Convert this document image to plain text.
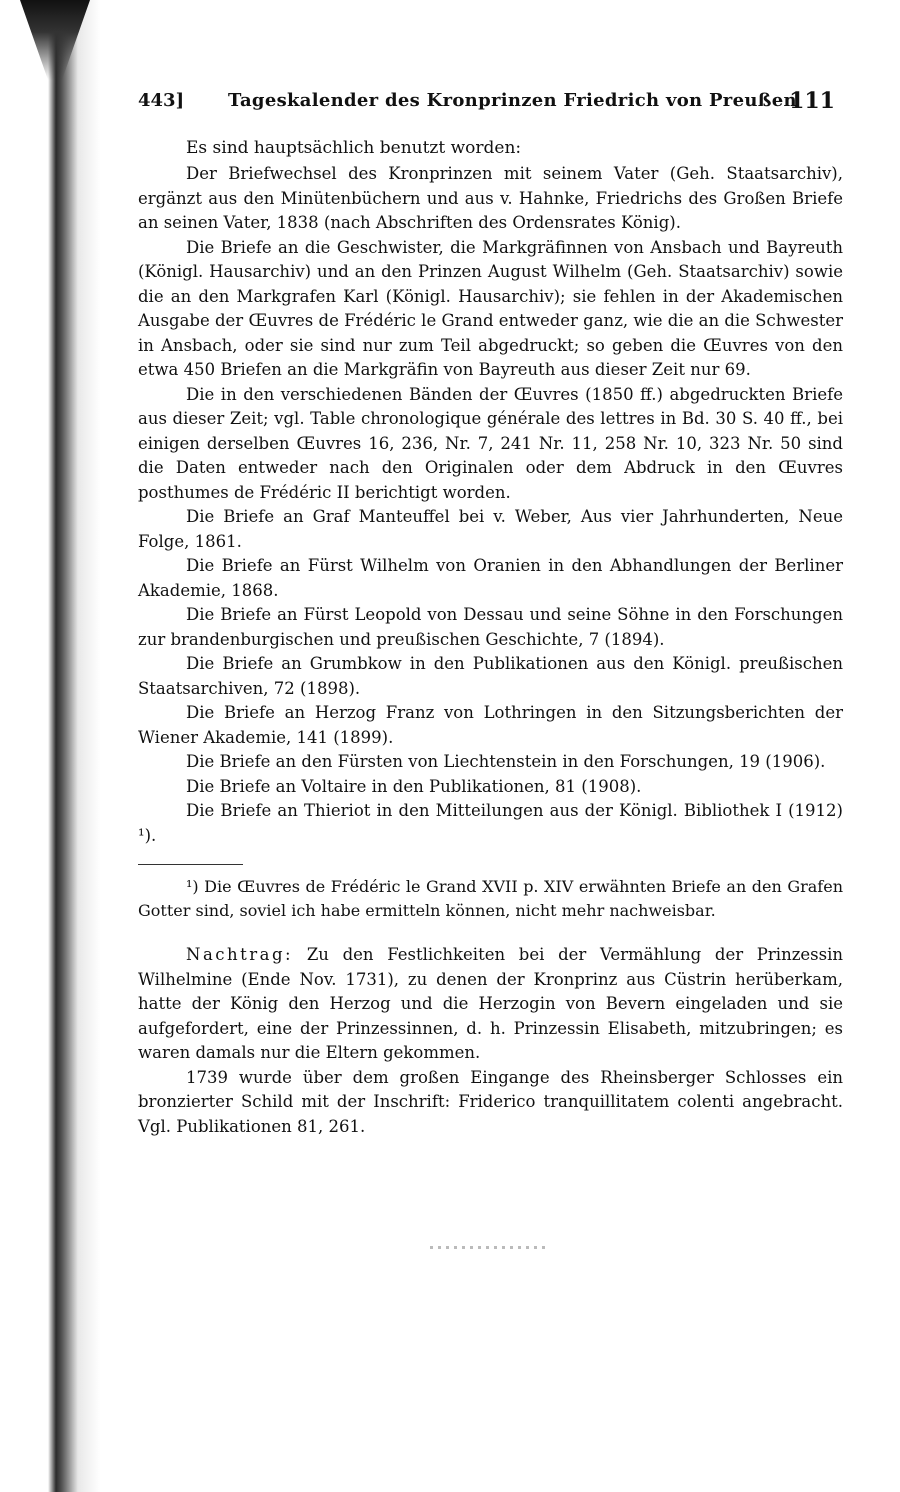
443] Tageskalender des Kronprinzen Friedrich von Preußen
111
Es sind hauptsächlich benutzt worden:

Der Briefwechsel des Kronprinzen mit seinem Vater (Geh. Staatsarchiv), ergänzt aus den Minütenbüchern und aus v. Hahnke, Friedrichs des Großen Briefe an seinen Vater, 1838 (nach Abschriften des Ordensrates König).

Die Briefe an die Geschwister, die Markgräfinnen von Ansbach und Bayreuth (Königl. Hausarchiv) und an den Prinzen August Wilhelm (Geh. Staatsarchiv) sowie die an den Markgrafen Karl (Königl. Hausarchiv); sie fehlen in der Akademischen Ausgabe der Œuvres de Frédéric le Grand entweder ganz, wie die an die Schwester in Ansbach, oder sie sind nur zum Teil abgedruckt; so geben die Œuvres von den etwa 450 Briefen an die Markgräfin von Bayreuth aus dieser Zeit nur 69.

Die in den verschiedenen Bänden der Œuvres (1850 ff.) abgedruckten Briefe aus dieser Zeit; vgl. Table chronologique générale des lettres in Bd. 30 S. 40 ff., bei einigen derselben Œuvres 16, 236, Nr. 7, 241 Nr. 11, 258 Nr. 10, 323 Nr. 50 sind die Daten entweder nach den Originalen oder dem Abdruck in den Œuvres posthumes de Frédéric II berichtigt worden.

Die Briefe an Graf Manteuffel bei v. Weber, Aus vier Jahrhunderten, Neue Folge, 1861.

Die Briefe an Fürst Wilhelm von Oranien in den Abhandlungen der Berliner Akademie, 1868.

Die Briefe an Fürst Leopold von Dessau und seine Söhne in den Forschungen zur brandenburgischen und preußischen Geschichte, 7 (1894).

Die Briefe an Grumbkow in den Publikationen aus den Königl. preußischen Staatsarchiven, 72 (1898).

Die Briefe an Herzog Franz von Lothringen in den Sitzungsberichten der Wiener Akademie, 141 (1899).

Die Briefe an den Fürsten von Liechtenstein in den Forschungen, 19 (1906).

Die Briefe an Voltaire in den Publikationen, 81 (1908).

Die Briefe an Thieriot in den Mitteilungen aus der Königl. Bibliothek I (1912) ¹).

¹) Die Œuvres de Frédéric le Grand XVII p. XIV erwähnten Briefe an den Grafen Gotter sind, soviel ich habe ermitteln können, nicht mehr nachweisbar.

Nachtrag: Zu den Festlichkeiten bei der Vermählung der Prinzessin Wilhelmine (Ende Nov. 1731), zu denen der Kronprinz aus Cüstrin herüberkam, hatte der König den Herzog und die Herzogin von Bevern eingeladen und sie aufgefordert, eine der Prinzessinnen, d. h. Prinzessin Elisabeth, mitzubringen; es waren damals nur die Eltern gekommen.

1739 wurde über dem großen Eingange des Rheinsberger Schlosses ein bronzierter Schild mit der Inschrift: Friderico tranquillitatem colenti angebracht. Vgl. Publikationen 81, 261.
